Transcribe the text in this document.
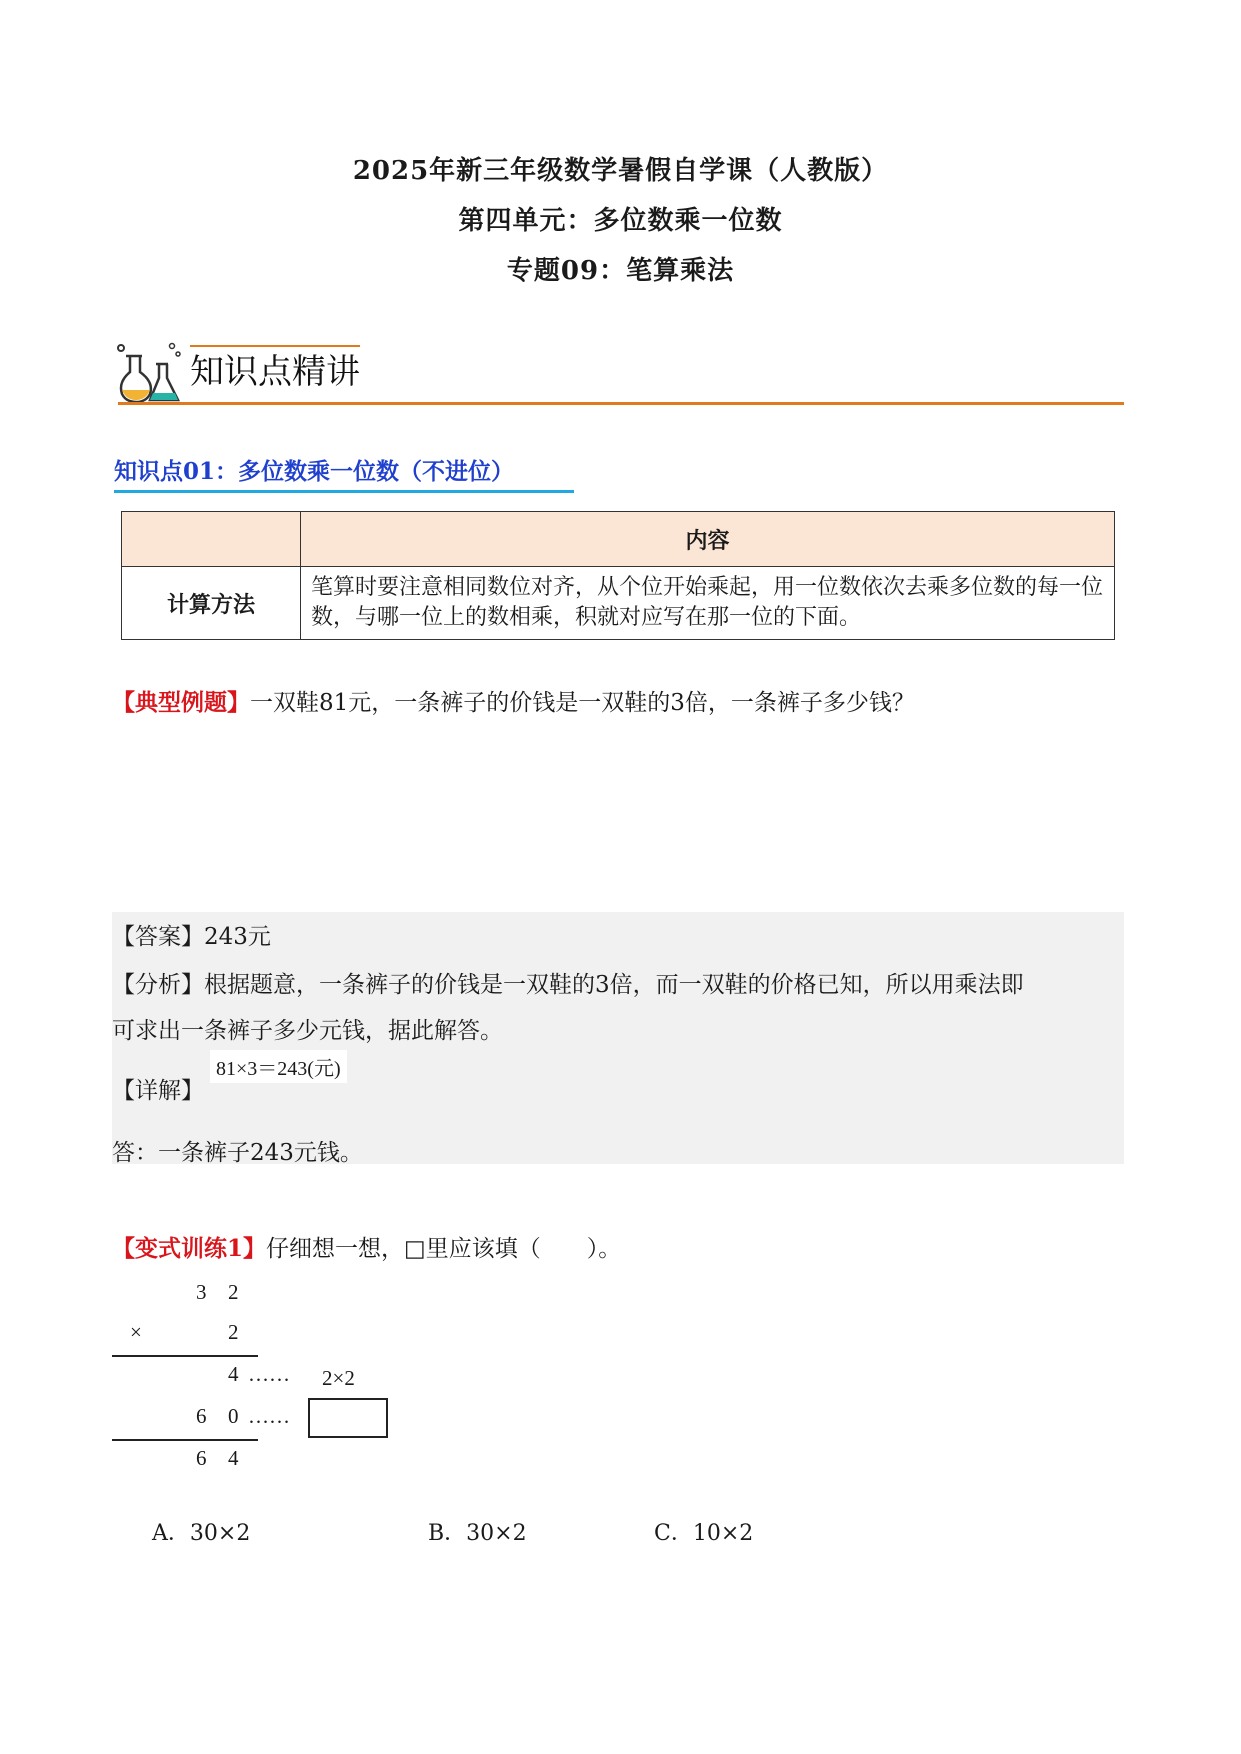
2025年新三年级数学暑假自学课（人教版）
第四单元：多位数乘一位数
专题09：笔算乘法
知识点精讲
知识点01：多位数乘一位数（不进位）
	内容
计算方法	笔算时要注意相同数位对齐，从个位开始乘起，用一位数依次去乘多位数的每一位数，与哪一位上的数相乘，积就对应写在那一位的下面。
【典型例题】一双鞋81元，一条裤子的价钱是一双鞋的3倍，一条裤子多少钱？
【答案】243元
【分析】根据题意，一条裤子的价钱是一双鞋的3倍，而一双鞋的价格已知，所以用乘法即
可求出一条裤子多少元钱，据此解答。
81×3＝243(元)
【详解】
答：一条裤子243元钱。
【变式训练1】仔细想一想，□里应该填（　　）。
3 2
×	2
4 …… 2×2
6 0 ……
6 4
A．30×2	B．30×2	C．10×2
